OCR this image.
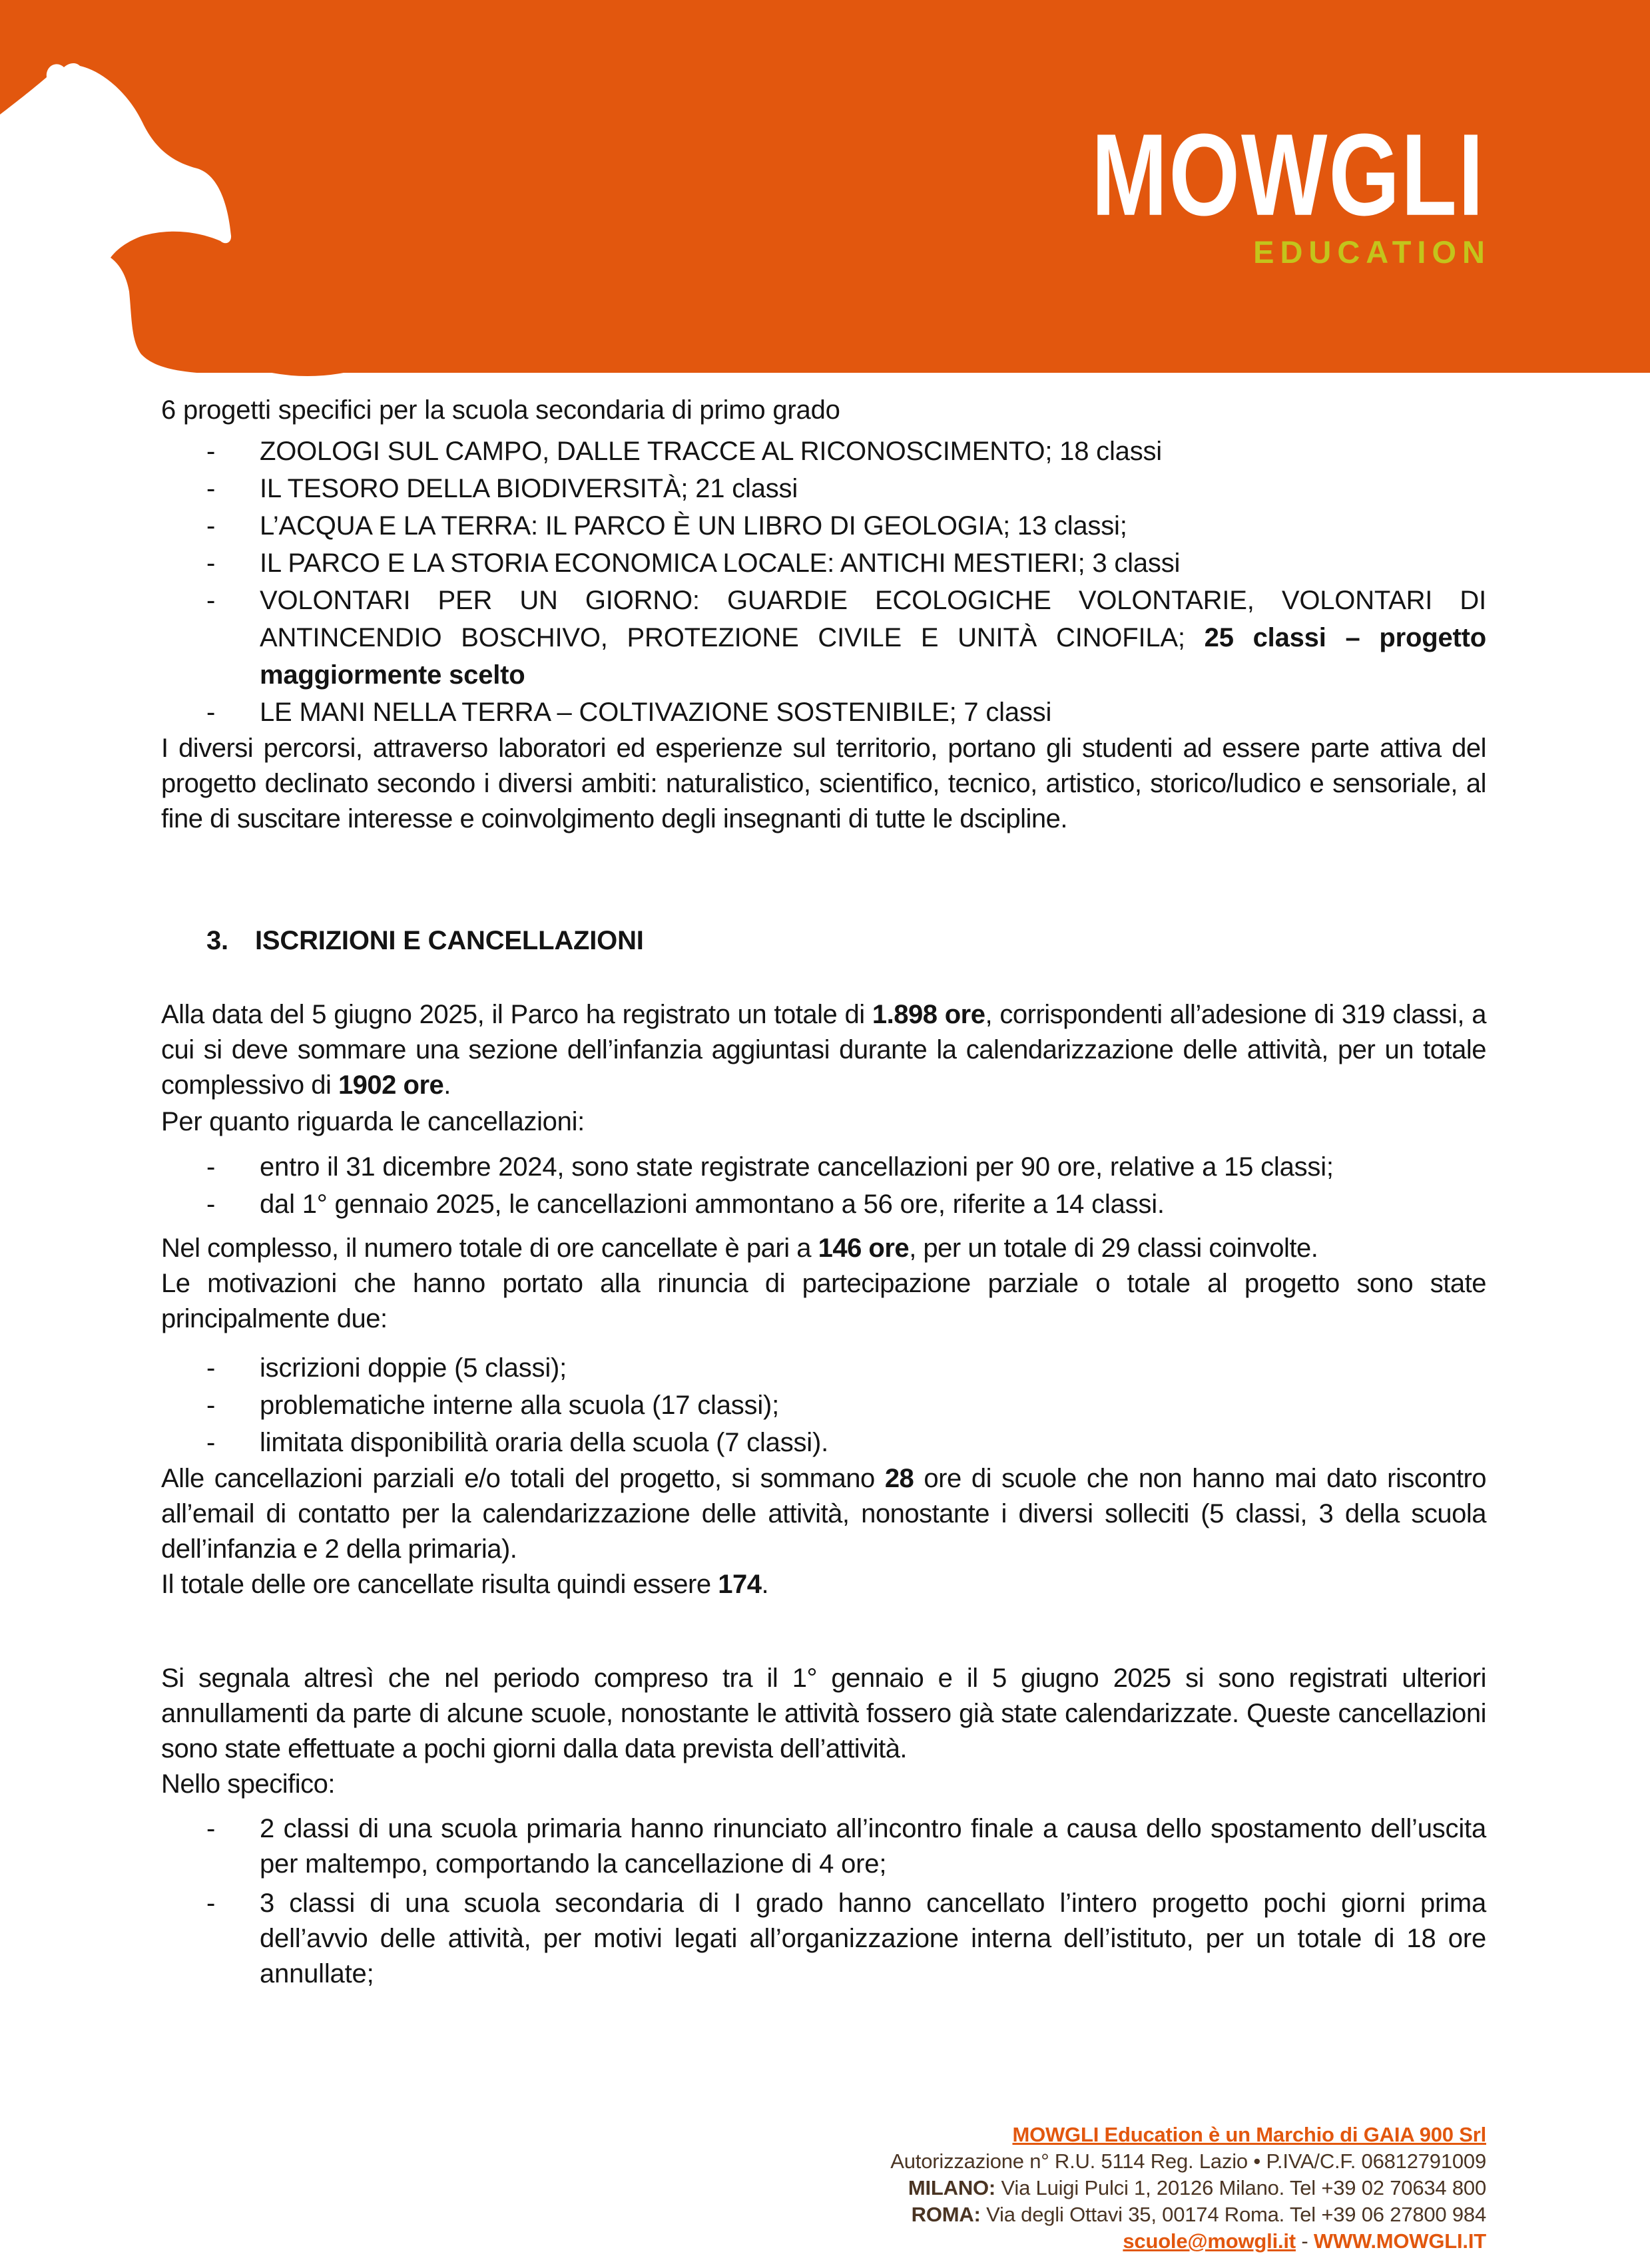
MOWGLI
EDUCATION

6 progetti specifici per la scuola secondaria di primo grado

- ZOOLOGI SUL CAMPO, DALLE TRACCE AL RICONOSCIMENTO; 18 classi
- IL TESORO DELLA BIODIVERSITÀ; 21 classi
- L’ACQUA E LA TERRA: IL PARCO È UN LIBRO DI GEOLOGIA; 13 classi;
- IL PARCO E LA STORIA ECONOMICA LOCALE: ANTICHI MESTIERI; 3 classi
- VOLONTARI PER UN GIORNO: GUARDIE ECOLOGICHE VOLONTARIE, VOLONTARI DI ANTINCENDIO BOSCHIVO, PROTEZIONE CIVILE E UNITÀ CINOFILA; 25 classi – progetto maggiormente scelto
- LE MANI NELLA TERRA – COLTIVAZIONE SOSTENIBILE; 7 classi

I diversi percorsi, attraverso laboratori ed esperienze sul territorio, portano gli studenti ad essere parte attiva del progetto declinato secondo i diversi ambiti: naturalistico, scientifico, tecnico, artistico, storico/ludico e sensoriale, al fine di suscitare interesse e coinvolgimento degli insegnanti di tutte le dscipline.

3. ISCRIZIONI E CANCELLAZIONI

Alla data del 5 giugno 2025, il Parco ha registrato un totale di 1.898 ore, corrispondenti all’adesione di 319 classi, a cui si deve sommare una sezione dell’infanzia aggiuntasi durante la calendarizzazione delle attività, per un totale complessivo di 1902 ore.

Per quanto riguarda le cancellazioni:

- entro il 31 dicembre 2024, sono state registrate cancellazioni per 90 ore, relative a 15 classi;
- dal 1° gennaio 2025, le cancellazioni ammontano a 56 ore, riferite a 14 classi.

Nel complesso, il numero totale di ore cancellate è pari a 146 ore, per un totale di 29 classi coinvolte.

Le motivazioni che hanno portato alla rinuncia di partecipazione parziale o totale al progetto sono state principalmente due:

- iscrizioni doppie (5 classi);
- problematiche interne alla scuola (17 classi);
- limitata disponibilità oraria della scuola (7 classi).

Alle cancellazioni parziali e/o totali del progetto, si sommano 28 ore di scuole che non hanno mai dato riscontro all’email di contatto per la calendarizzazione delle attività, nonostante i diversi solleciti (5 classi, 3 della scuola dell’infanzia e 2 della primaria).

Il totale delle ore cancellate risulta quindi essere 174.

Si segnala altresì che nel periodo compreso tra il 1° gennaio e il 5 giugno 2025 si sono registrati ulteriori annullamenti da parte di alcune scuole, nonostante le attività fossero già state calendarizzate. Queste cancellazioni sono state effettuate a pochi giorni dalla data prevista dell’attività.

Nello specifico:

- 2 classi di una scuola primaria hanno rinunciato all’incontro finale a causa dello spostamento dell’uscita per maltempo, comportando la cancellazione di 4 ore;
- 3 classi di una scuola secondaria di I grado hanno cancellato l’intero progetto pochi giorni prima dell’avvio delle attività, per motivi legati all’organizzazione interna dell’istituto, per un totale di 18 ore annullate;
MOWGLI Education è un Marchio di GAIA 900 Srl
Autorizzazione n° R.U. 5114 Reg. Lazio • P.IVA/C.F. 06812791009
MILANO: Via Luigi Pulci 1, 20126 Milano. Tel +39 02 70634 800
ROMA: Via degli Ottavi 35, 00174 Roma. Tel +39 06 27800 984
scuole@mowgli.it - WWW.MOWGLI.IT
